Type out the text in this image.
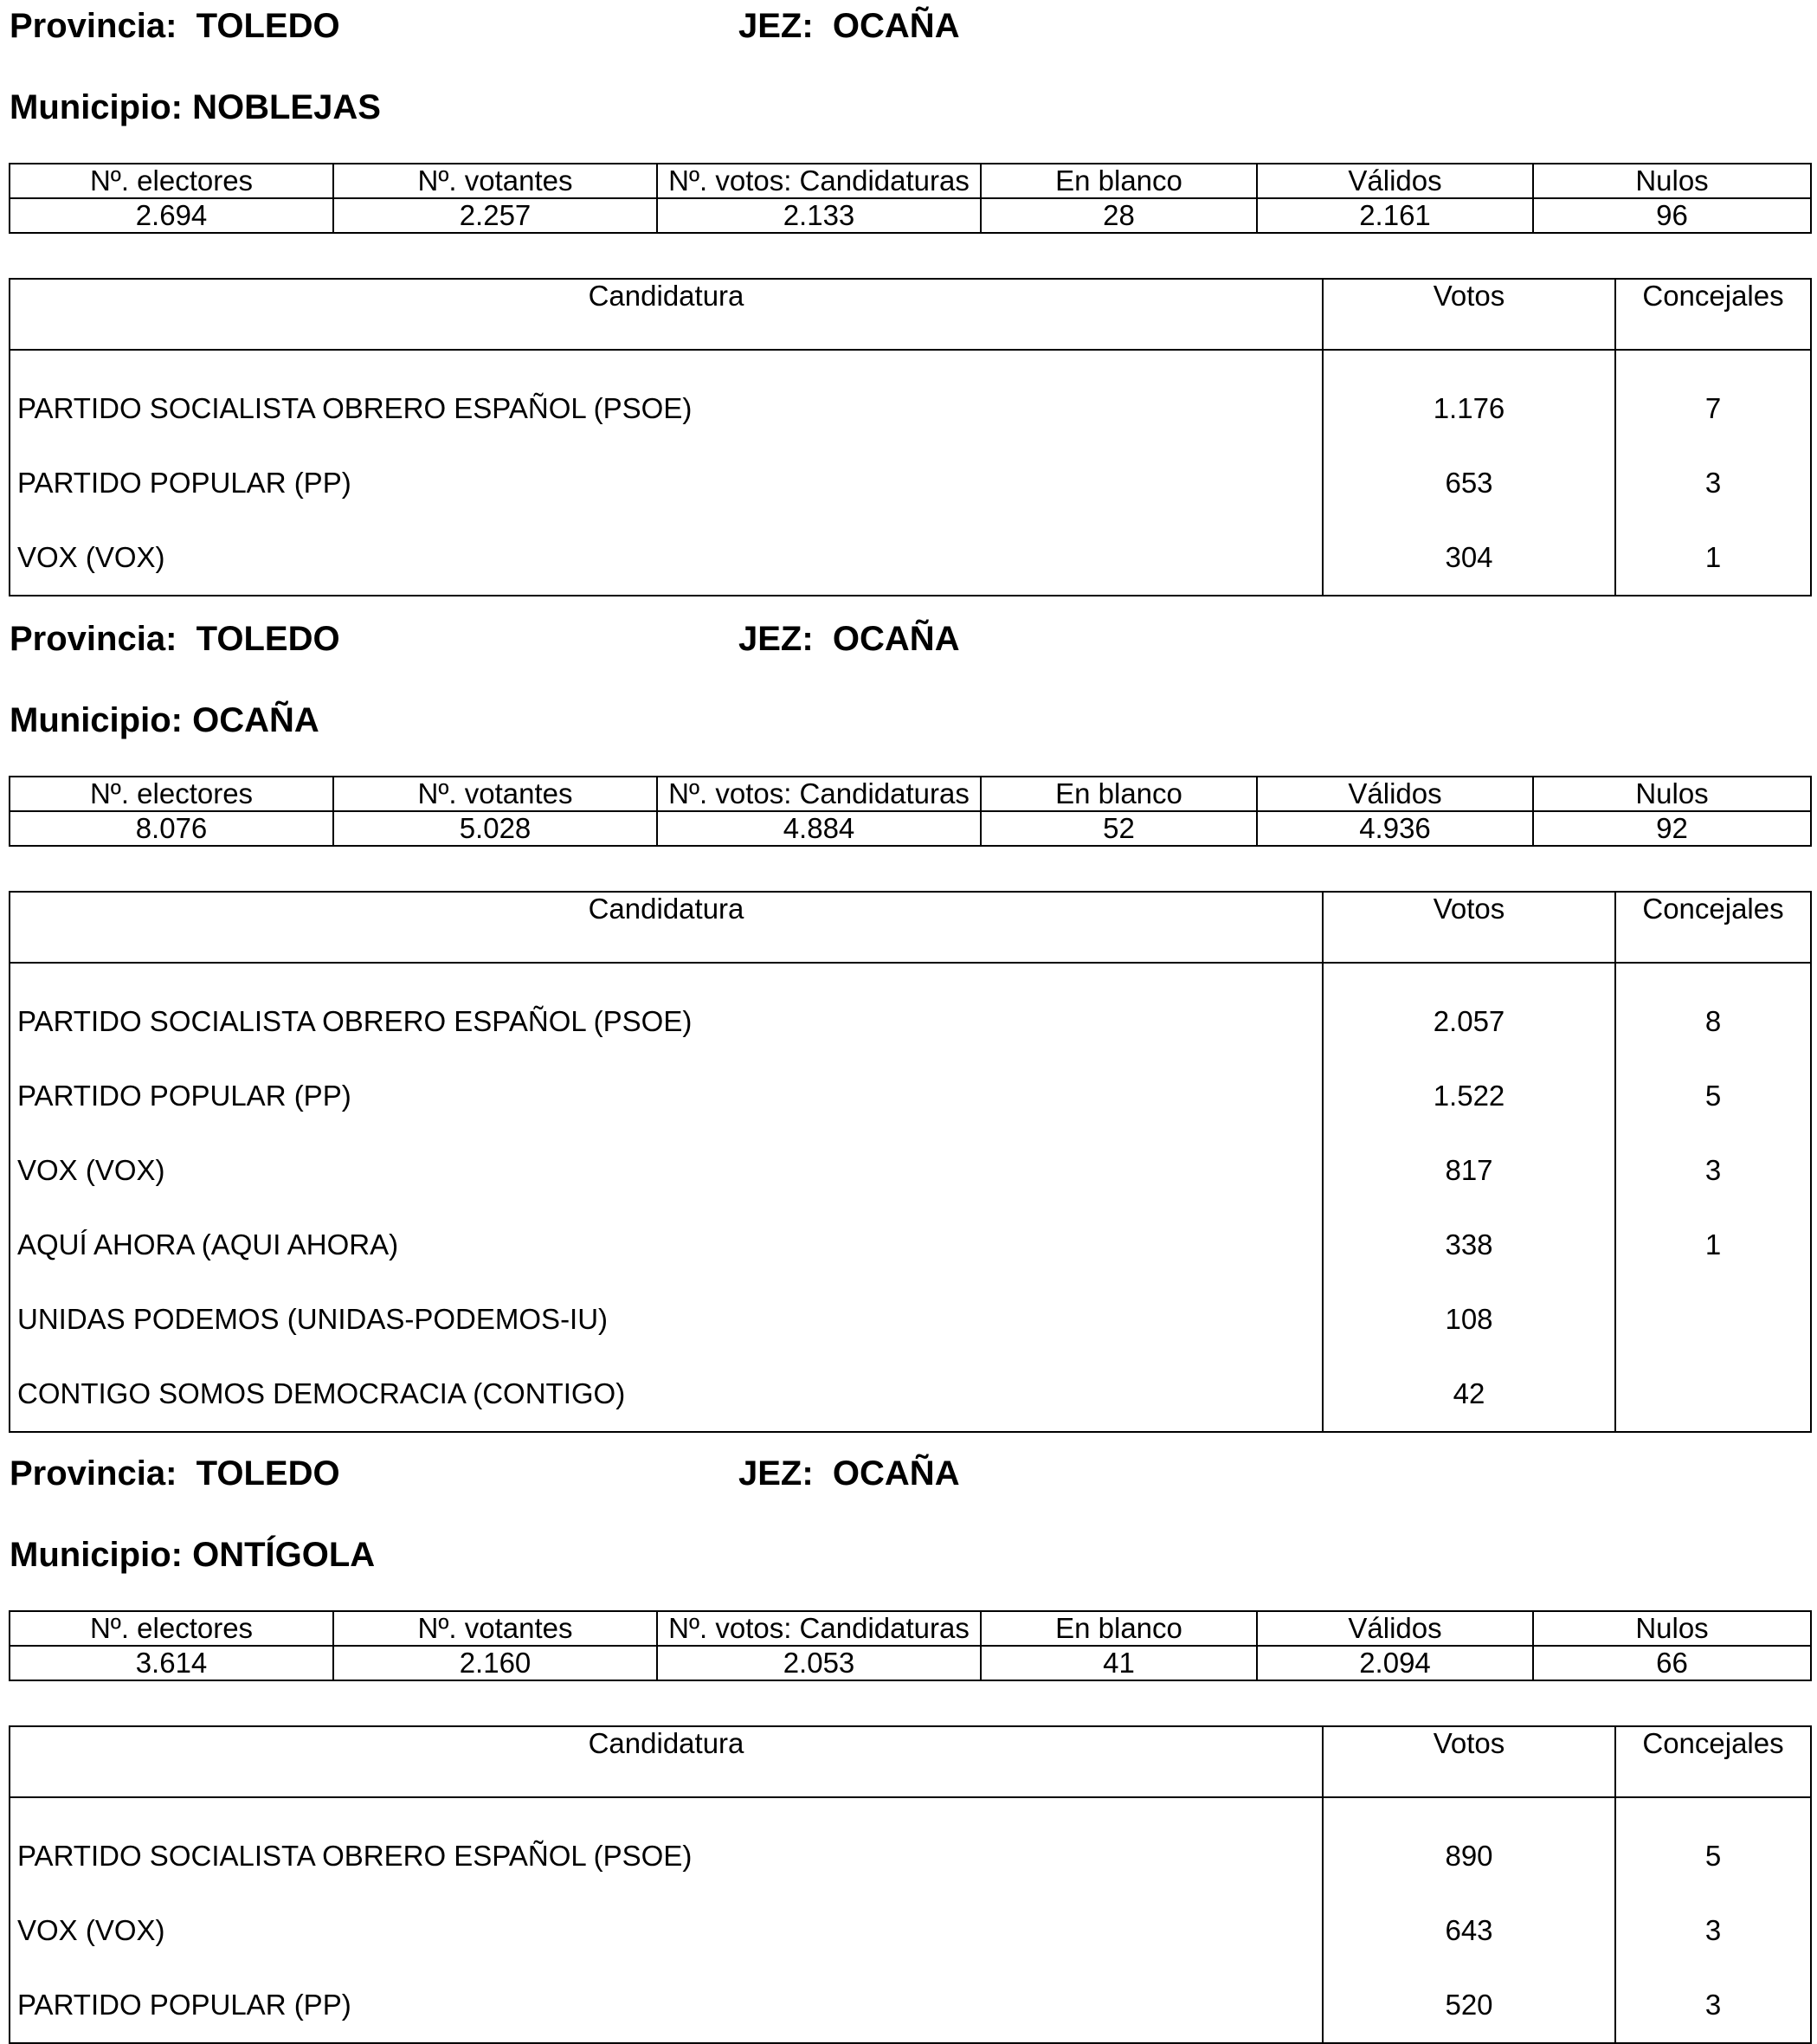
Provincia: TOLEDO	JEZ: OCAÑA
Municipio: NOBLEJAS
Nº. electores	Nº. votantes	Nº. votos: Candidaturas	En blanco	Válidos	Nulos
2.694	2.257	2.133	28	2.161	96
Candidatura	Votos	Concejales
PARTIDO SOCIALISTA OBRERO ESPAÑOL (PSOE)	1.176	7
PARTIDO POPULAR (PP)	653	3
VOX (VOX)	304	1
Provincia: TOLEDO	JEZ: OCAÑA
Municipio: OCAÑA
Nº. electores	Nº. votantes	Nº. votos: Candidaturas	En blanco	Válidos	Nulos
8.076	5.028	4.884	52	4.936	92
Candidatura	Votos	Concejales
PARTIDO SOCIALISTA OBRERO ESPAÑOL (PSOE)	2.057	8
PARTIDO POPULAR (PP)	1.522	5
VOX (VOX)	817	3
AQUÍ AHORA (AQUI AHORA)	338	1
UNIDAS PODEMOS (UNIDAS-PODEMOS-IU)	108	
CONTIGO SOMOS DEMOCRACIA (CONTIGO)	42	
Provincia: TOLEDO	JEZ: OCAÑA
Municipio: ONTÍGOLA
Nº. electores	Nº. votantes	Nº. votos: Candidaturas	En blanco	Válidos	Nulos
3.614	2.160	2.053	41	2.094	66
Candidatura	Votos	Concejales
PARTIDO SOCIALISTA OBRERO ESPAÑOL (PSOE)	890	5
VOX (VOX)	643	3
PARTIDO POPULAR (PP)	520	3
